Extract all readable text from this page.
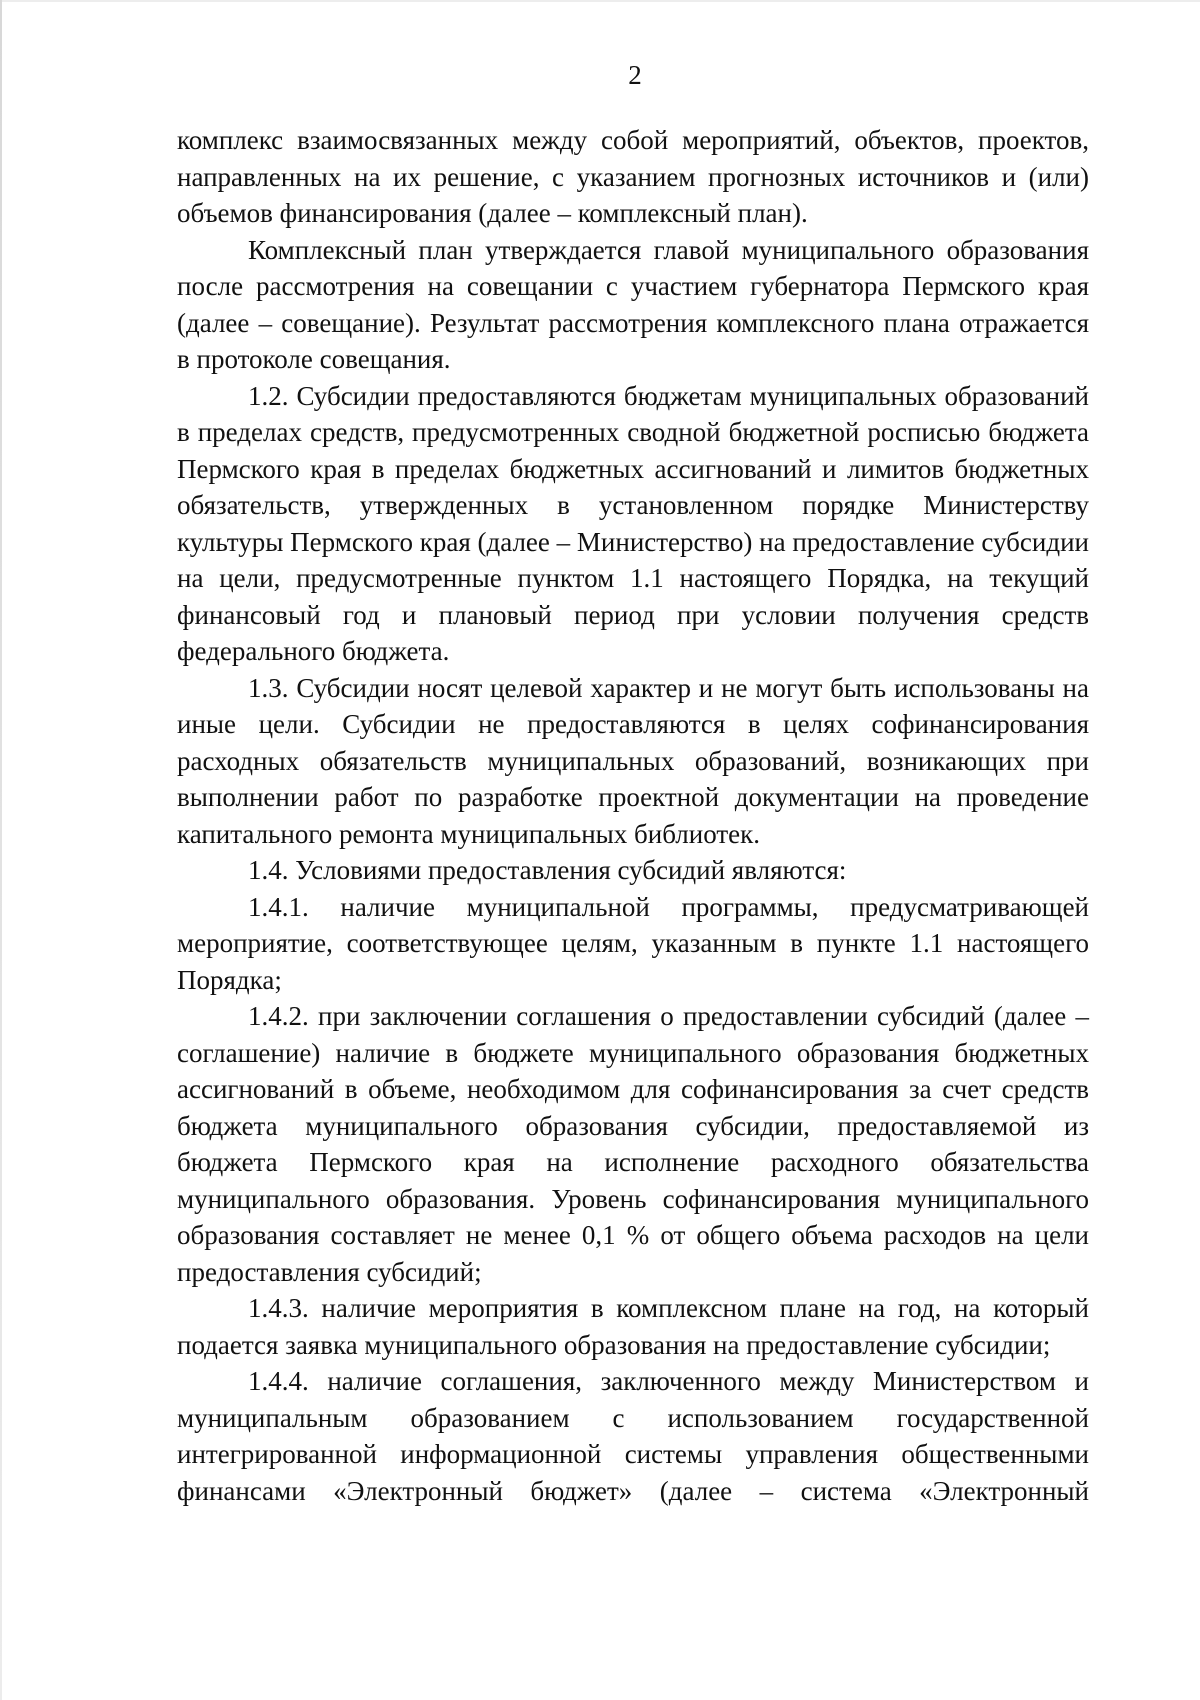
2

комплекс взаимосвязанных между собой мероприятий, объектов, проектов, направленных на их решение, с указанием прогнозных источников и (или) объемов финансирования (далее – комплексный план).

Комплексный план утверждается главой муниципального образования после рассмотрения на совещании с участием губернатора Пермского края (далее – совещание). Результат рассмотрения комплексного плана отражается в протоколе совещания.

1.2. Субсидии предоставляются бюджетам муниципальных образований в пределах средств, предусмотренных сводной бюджетной росписью бюджета Пермского края в пределах бюджетных ассигнований и лимитов бюджетных обязательств, утвержденных в установленном порядке Министерству культуры Пермского края (далее – Министерство) на предоставление субсидии на цели, предусмотренные пунктом 1.1 настоящего Порядка, на текущий финансовый год и плановый период при условии получения средств федерального бюджета.

1.3. Субсидии носят целевой характер и не могут быть использованы на иные цели. Субсидии не предоставляются в целях софинансирования расходных обязательств муниципальных образований, возникающих при выполнении работ по разработке проектной документации на проведение капитального ремонта муниципальных библиотек.

1.4. Условиями предоставления субсидий являются:

1.4.1. наличие муниципальной программы, предусматривающей мероприятие, соответствующее целям, указанным в пункте 1.1 настоящего Порядка;

1.4.2. при заключении соглашения о предоставлении субсидий (далее – соглашение) наличие в бюджете муниципального образования бюджетных ассигнований в объеме, необходимом для софинансирования за счет средств бюджета муниципального образования субсидии, предоставляемой из бюджета Пермского края на исполнение расходного обязательства муниципального образования. Уровень софинансирования муниципального образования составляет не менее 0,1 % от общего объема расходов на цели предоставления субсидий;

1.4.3. наличие мероприятия в комплексном плане на год, на который подается заявка муниципального образования на предоставление субсидии;

1.4.4. наличие соглашения, заключенного между Министерством и муниципальным образованием с использованием государственной интегрированной информационной системы управления общественными финансами «Электронный бюджет» (далее – система «Электронный
